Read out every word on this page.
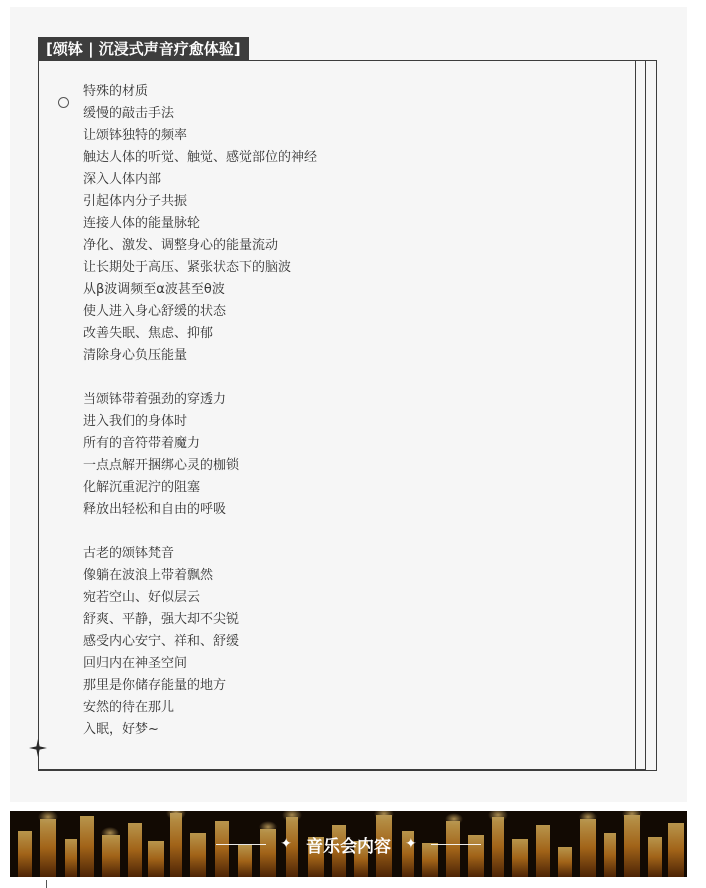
[颂钵 | 沉浸式声音疗愈体验]
特殊的材质
缓慢的敲击手法
让颂钵独特的频率
触达人体的听觉、触觉、感觉部位的神经
深入人体内部
引起体内分子共振
连接人体的能量脉轮
净化、激发、调整身心的能量流动
让长期处于高压、紧张状态下的脑波
从β波调频至α波甚至θ波
使人进入身心舒缓的状态
改善失眠、焦虑、抑郁
清除身心负压能量
当颂钵带着强劲的穿透力
进入我们的身体时
所有的音符带着魔力
一点点解开捆绑心灵的枷锁
化解沉重泥泞的阻塞
释放出轻松和自由的呼吸
古老的颂钵梵音
像躺在波浪上带着飘然
宛若空山、好似层云
舒爽、平静，强大却不尖锐
感受内心安宁、祥和、舒缓
回归内在神圣空间
那里是你储存能量的地方
安然的待在那儿
入眠，好梦~
✦ 音乐会内容 ✦
